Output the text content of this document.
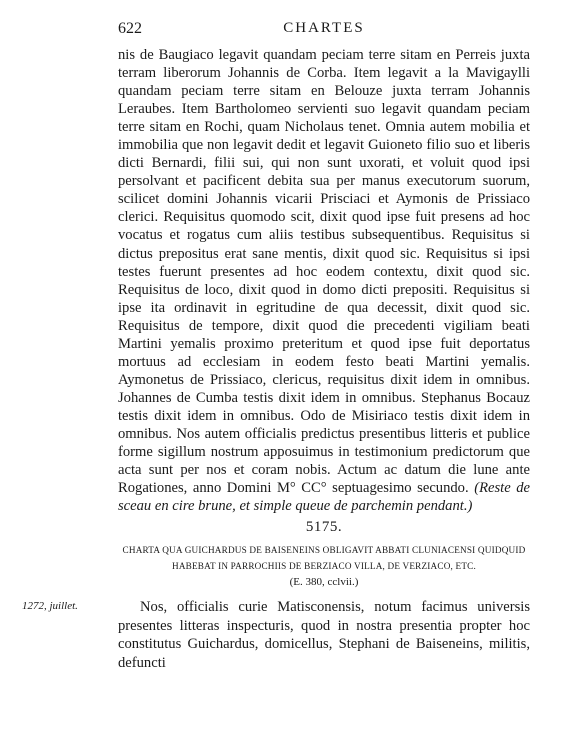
622	CHARTES

nis de Baugiaco legavit quandam peciam terre sitam en Perreis juxta terram liberorum Johannis de Corba. Item legavit a la Mavigaylli quandam peciam terre sitam en Belouze juxta terram Johannis Leraubes. Item Bartholomeo servienti suo legavit quandam peciam terre sitam en Rochi, quam Nicholaus tenet. Omnia autem mobilia et immobilia que non legavit dedit et legavit Guioneto filio suo et liberis dicti Bernardi, filii sui, qui non sunt uxorati, et voluit quod ipsi persolvant et pacificent debita sua per manus executorum suorum, scilicet domini Johannis vicarii Prisciaci et Aymonis de Prissiaco clerici. Requisitus quomodo scit, dixit quod ipse fuit presens ad hoc vocatus et rogatus cum aliis testibus subsequentibus. Requisitus si dictus prepositus erat sane mentis, dixit quod sic. Requisitus si ipsi testes fuerunt presentes ad hoc eodem contextu, dixit quod sic. Requisitus de loco, dixit quod in domo dicti prepositi. Requisitus si ipse ita ordinavit in egritudine de qua decessit, dixit quod sic. Requisitus de tempore, dixit quod die precedenti vigiliam beati Martini yemalis proximo preteritum et quod ipse fuit deportatus mortuus ad ecclesiam in eodem festo beati Martini yemalis. Aymonetus de Prissiaco, clericus, requisitus dixit idem in omnibus. Johannes de Cumba testis dixit idem in omnibus. Stephanus Bocauz testis dixit idem in omnibus. Odo de Misiriaco testis dixit idem in omnibus. Nos autem officialis predictus presentibus litteris et publice forme sigillum nostrum apposuimus in testimonium predictorum que acta sunt per nos et coram nobis. Actum ac datum die lune ante Rogationes, anno Domini M° CC° septuagesimo secundo. (Reste de sceau en cire brune, et simple queue de parchemin pendant.)

5175.
CHARTA QUA GUICHARDUS DE BAISENEINS OBLIGAVIT ABBATI CLUNIACENSI QUIDQUID HABEBAT IN PARROCHIIS DE BERZIACO VILLA, DE VERZIACO, ETC.
(E. 380, cclvii.)
1272, juillet.	Nos, officialis curie Matisconensis, notum facimus universis presentes litteras inspecturis, quod in nostra presentia propter hoc constitutus Guichardus, domicellus, Stephani de Baiseneins, militis, defuncti
